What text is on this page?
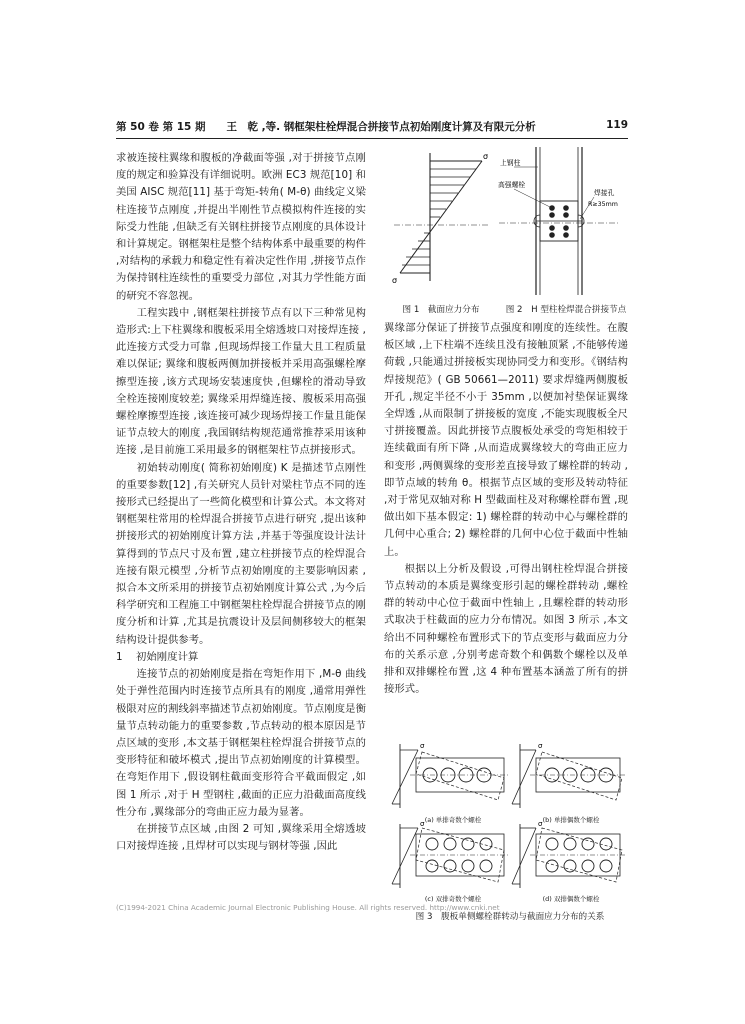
第 50 卷 第 15 期　　王　乾 ,等. 钢框架柱栓焊混合拼接节点初始刚度计算及有限元分析	119

求被连接柱翼缘和腹板的净截面等强 ,对于拼接节点刚度的规定和验算没有详细说明。欧洲 EC3 规范[10] 和美国 AISC 规范[11] 基于弯矩-转角( M-θ) 曲线定义梁柱连接节点刚度 ,并提出半刚性节点模拟构件连接的实际受力性能 ,但缺乏有关钢柱拼接节点刚度的具体设计和计算规定。钢框架柱是整个结构体系中最重要的构件 ,对结构的承载力和稳定性有着决定性作用 ,拼接节点作为保持钢柱连续性的重要受力部位 ,对其力学性能方面的研究不容忽视。

工程实践中 ,钢框架柱拼接节点有以下三种常见构造形式:上下柱翼缘和腹板采用全熔透坡口对接焊连接 ,此连接方式受力可靠 ,但现场焊接工作量大且工程质量难以保证; 翼缘和腹板两侧加拼接板并采用高强螺栓摩擦型连接 ,该方式现场安装速度快 ,但螺栓的滑动导致全栓连接刚度较差; 翼缘采用焊缝连接、腹板采用高强螺栓摩擦型连接 ,该连接可减少现场焊接工作量且能保证节点较大的刚度 ,我国钢结构规范通常推荐采用该种连接 ,是目前施工采用最多的钢框架柱节点拼接形式。

初始转动刚度( 简称初始刚度) K 是描述节点刚性的重要参数[12] ,有关研究人员针对梁柱节点不同的连接形式已经提出了一些简化模型和计算公式。本文将对钢框架柱常用的栓焊混合拼接节点进行研究 ,提出该种拼接形式的初始刚度计算方法 ,并基于等强度设计法计算得到的节点尺寸及布置 ,建立柱拼接节点的栓焊混合连接有限元模型 ,分析节点初始刚度的主要影响因素 ,拟合本文所采用的拼接节点初始刚度计算公式 ,为今后科学研究和工程施工中钢框架柱栓焊混合拼接节点的刚度分析和计算 ,尤其是抗震设计及层间侧移较大的框架结构设计提供参考。

1 初始刚度计算

连接节点的初始刚度是指在弯矩作用下 ,M-θ 曲线处于弹性范围内时连接节点所具有的刚度 ,通常用弹性极限对应的割线斜率描述节点初始刚度。节点刚度是衡量节点转动能力的重要参数 ,节点转动的根本原因是节点区域的变形 ,本文基于钢框架柱栓焊混合拼接节点的变形特征和破坏模式 ,提出节点初始刚度的计算模型。在弯矩作用下 ,假设钢柱截面变形符合平截面假定 ,如图 1 所示 ,对于 H 型钢柱 ,截面的正应力沿截面高度线性分布 ,翼缘部分的弯曲正应力最为显著。

在拼接节点区域 ,由图 2 可知 ,翼缘采用全熔透坡口对接焊连接 ,且焊材可以实现与钢材等强 ,因此

σ
σ
上钢柱
高强螺栓
焊接孔
R≥35mm
图 1　截面应力分布	图 2　H 型柱栓焊混合拼接节点

翼缘部分保证了拼接节点强度和刚度的连续性。在腹板区域 ,上下柱端不连续且没有接触顶紧 ,不能够传递荷载 ,只能通过拼接板实现协同受力和变形。《钢结构焊接规范》( GB 50661—2011) 要求焊缝两侧腹板开孔 ,规定半径不小于 35mm ,以便加衬垫保证翼缘全焊透 ,从而限制了拼接板的宽度 ,不能实现腹板全尺寸拼接覆盖。因此拼接节点腹板处承受的弯矩相较于连续截面有所下降 ,从而造成翼缘较大的弯曲正应力和变形 ,两侧翼缘的变形差直接导致了螺栓群的转动 ,即节点域的转角 θ。根据节点区域的变形及转动特征 ,对于常见双轴对称 H 型截面柱及对称螺栓群布置 ,现做出如下基本假定: 1) 螺栓群的转动中心与螺栓群的几何中心重合; 2) 螺栓群的几何中心位于截面中性轴上。

根据以上分析及假设 ,可得出钢柱栓焊混合拼接节点转动的本质是翼缘变形引起的螺栓群转动 ,螺栓群的转动中心位于截面中性轴上 ,且螺栓群的转动形式取决于柱截面的应力分布情况。如图 3 所示 ,本文给出不同种螺栓布置形式下的节点变形与截面应力分布的关系示意 ,分别考虑奇数个和偶数个螺栓以及单排和双排螺栓布置 ,这 4 种布置基本涵盖了所有的拼接形式。

σ	σ
σ	σ
(a) 单排奇数个螺栓	(b) 单排偶数个螺栓
(c) 双排奇数个螺栓	(d) 双排偶数个螺栓
图 3　腹板单侧螺栓群转动与截面应力分布的关系
(C)1994-2021 China Academic Journal Electronic Publishing House. All rights reserved. http://www.cnki.net
